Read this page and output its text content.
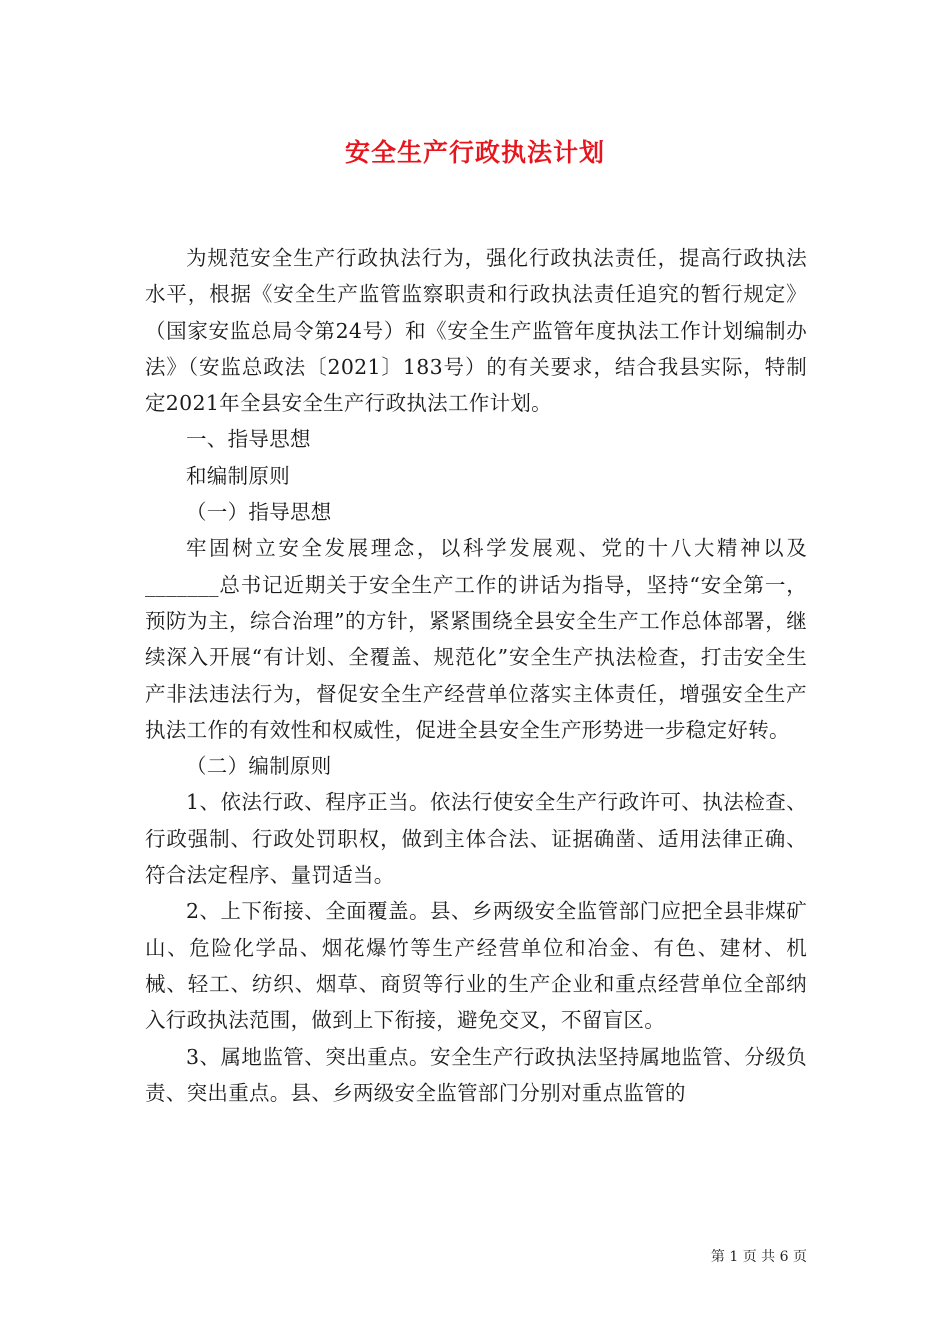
安全生产行政执法计划

为规范安全生产行政执法行为，强化行政执法责任，提高行政执法水平，根据《安全生产监管监察职责和行政执法责任追究的暂行规定》（国家安监总局令第24号）和《安全生产监管年度执法工作计划编制办法》（安监总政法〔2021〕183号）的有关要求，结合我县实际，特制定2021年全县安全生产行政执法工作计划。

一、指导思想

和编制原则

（一）指导思想

牢固树立安全发展理念，以科学发展观、党的十八大精神以及_______总书记近期关于安全生产工作的讲话为指导，坚持“安全第一，预防为主，综合治理”的方针，紧紧围绕全县安全生产工作总体部署，继续深入开展“有计划、全覆盖、规范化”安全生产执法检查，打击安全生产非法违法行为，督促安全生产经营单位落实主体责任，增强安全生产执法工作的有效性和权威性，促进全县安全生产形势进一步稳定好转。

（二）编制原则

1、依法行政、程序正当。依法行使安全生产行政许可、执法检查、行政强制、行政处罚职权，做到主体合法、证据确凿、适用法律正确、符合法定程序、量罚适当。

2、上下衔接、全面覆盖。县、乡两级安全监管部门应把全县非煤矿山、危险化学品、烟花爆竹等生产经营单位和冶金、有色、建材、机械、轻工、纺织、烟草、商贸等行业的生产企业和重点经营单位全部纳入行政执法范围，做到上下衔接，避免交叉，不留盲区。

3、属地监管、突出重点。安全生产行政执法坚持属地监管、分级负责、突出重点。县、乡两级安全监管部门分别对重点监管的

第 1 页 共 6 页
